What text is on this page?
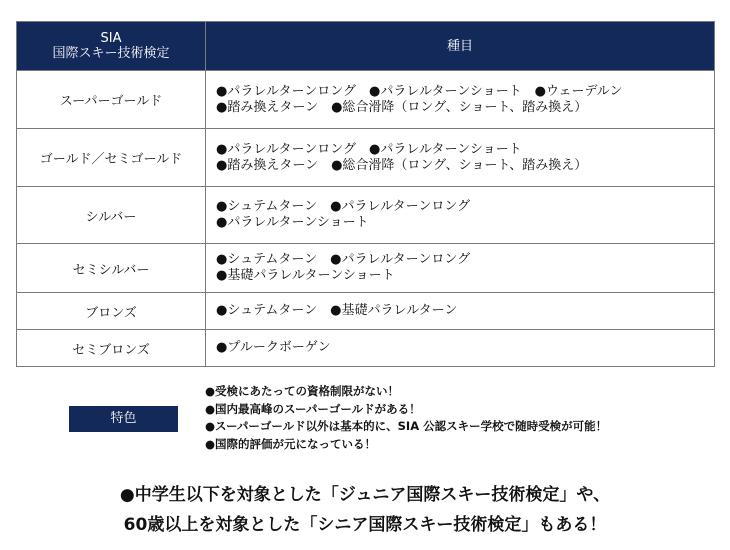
SIA
国際スキー技術検定	種目
スーパーゴールド	●パラレルターンロング　●パラレルターンショート　●ウェーデルン
●踏み換えターン　●総合滑降（ロング、ショート、踏み換え）

ゴールド／セミゴールド	●パラレルターンロング　●パラレルターンショート
●踏み換えターン　●総合滑降（ロング、ショート、踏み換え）

シルバー	●シュテムターン　●パラレルターンロング
●パラレルターンショート

セミシルバー	●シュテムターン　●パラレルターンロング
●基礎パラレルターンショート

ブロンズ	●シュテムターン　●基礎パラレルターン

セミブロンズ	●プルークボーゲン
特色
●受検にあたっての資格制限がない！
●国内最高峰のスーパーゴールドがある！
●スーパーゴールド以外は基本的に、SIA 公認スキー学校で随時受検が可能！
●国際的評価が元になっている！
●中学生以下を対象とした「ジュニア国際スキー技術検定」や、
60歳以上を対象とした「シニア国際スキー技術検定」もある！
